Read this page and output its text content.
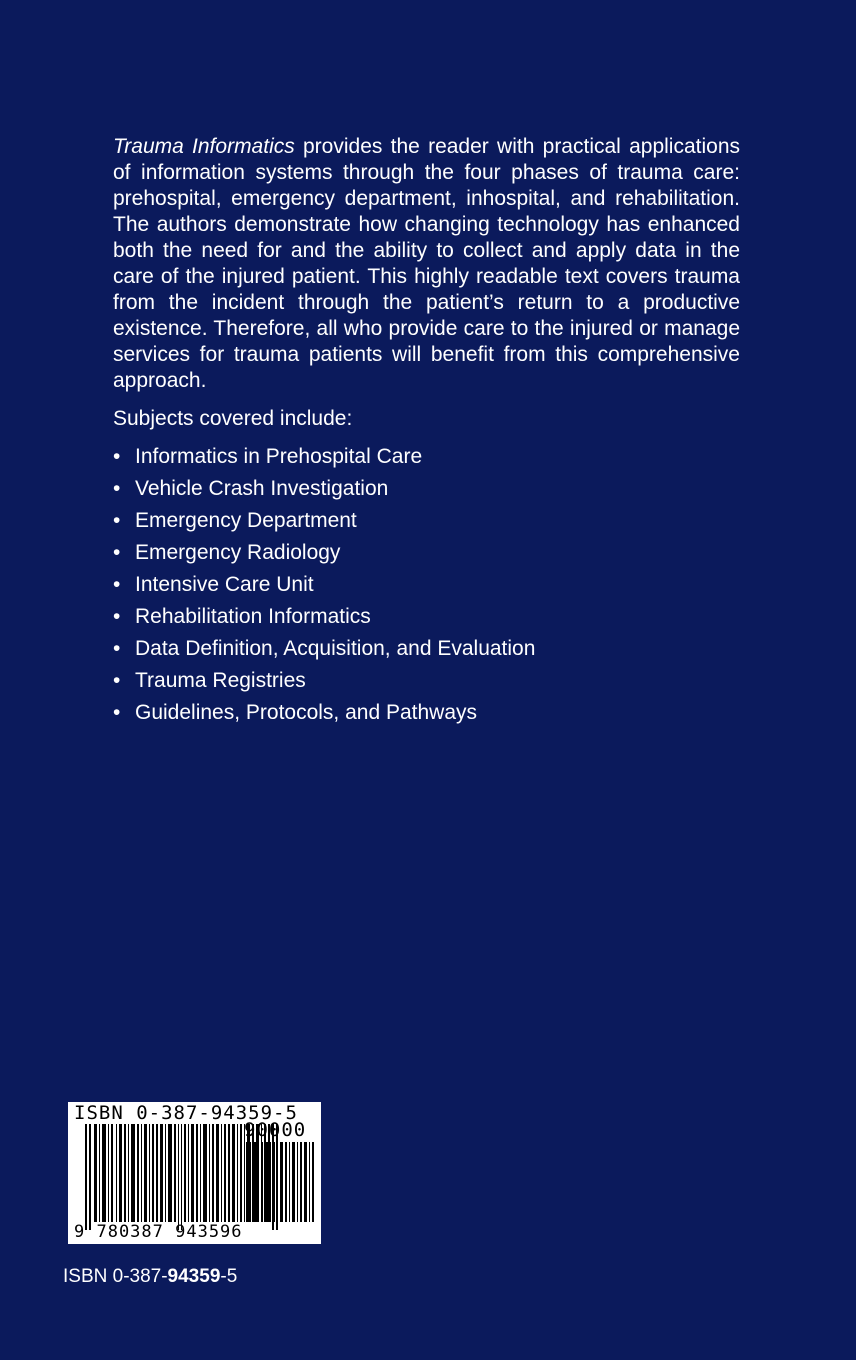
Trauma Informatics provides the reader with practical applications of information systems through the four phases of trauma care: prehospital, emergency department, inhospital, and rehabilitation. The authors demonstrate how changing technology has enhanced both the need for and the ability to collect and apply data in the care of the injured patient. This highly readable text covers trauma from the incident through the patient’s return to a productive existence. Therefore, all who provide care to the injured or manage services for trauma patients will benefit from this comprehensive approach.

Subjects covered include:

• Informatics in Prehospital Care
• Vehicle Crash Investigation
• Emergency Department
• Emergency Radiology
• Intensive Care Unit
• Rehabilitation Informatics
• Data Definition, Acquisition, and Evaluation
• Trauma Registries
• Guidelines, Protocols, and Pathways
ISBN 0-387-94359-5
90000
9 780387 943596

ISBN 0-387-94359-5
